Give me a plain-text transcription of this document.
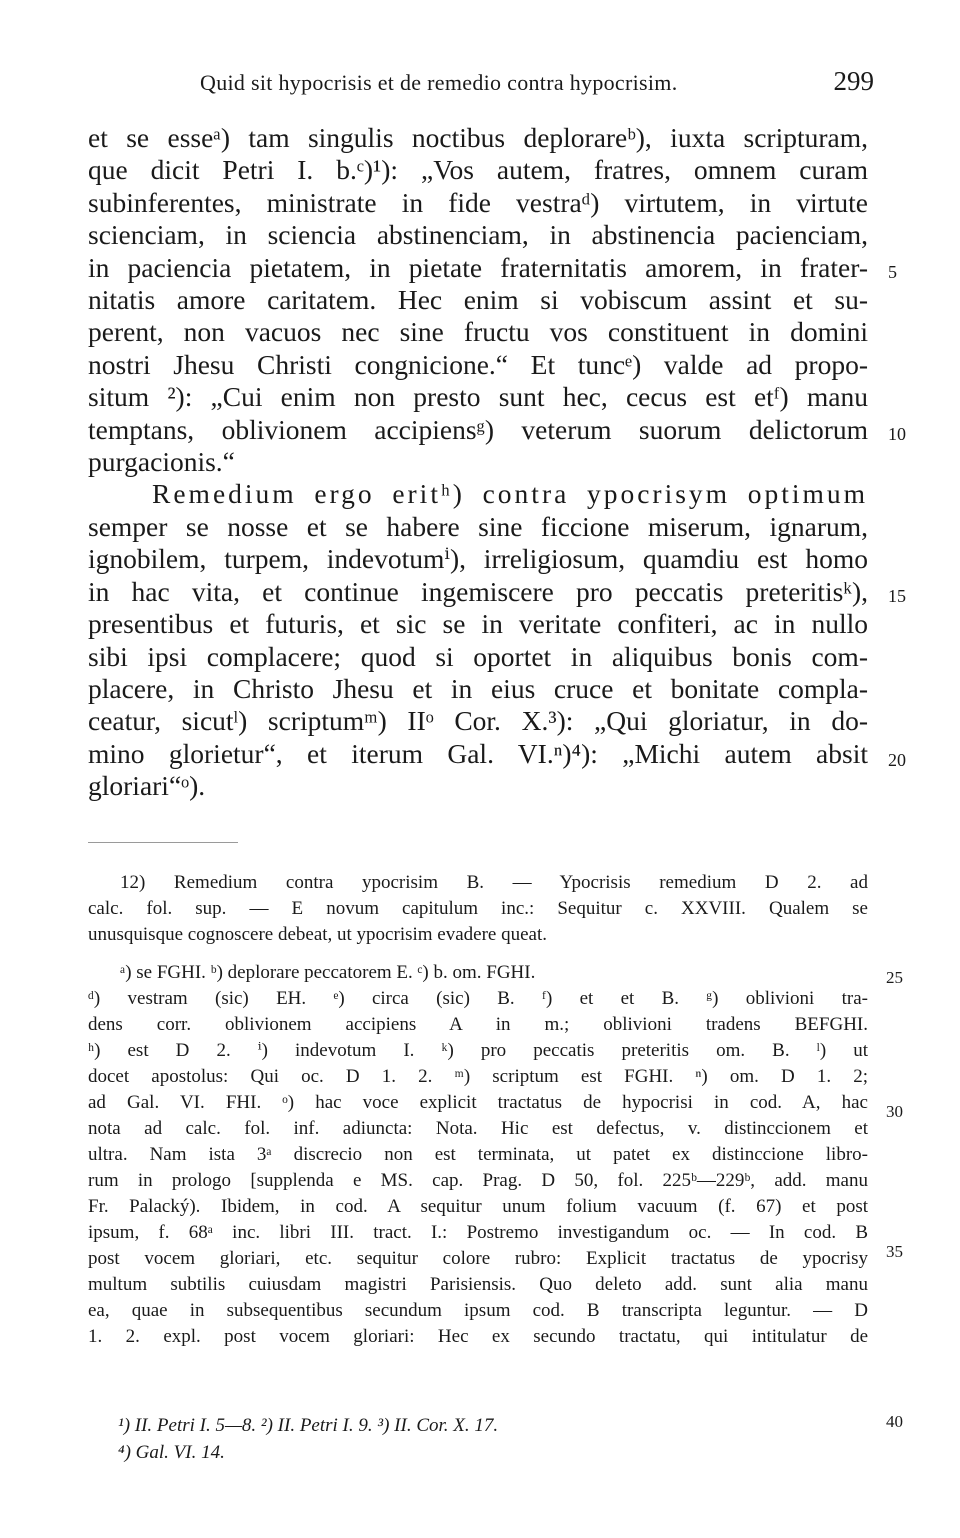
Quid sit hypocrisis et de remedio contra hypocrisim.	299
et se esseᵃ) tam singulis noctibus deplorareᵇ), iuxta scripturam,
que dicit Petri I. b.ᶜ)¹): „Vos autem, fratres, omnem curam
subinferentes, ministrate in fide vestraᵈ) virtutem, in virtute
scienciam, in sciencia abstinenciam, in abstinencia pacienciam,
in paciencia pietatem, in pietate fraternitatis amorem, in frater-
nitatis amore caritatem. Hec enim si vobiscum assint et su-
perent, non vacuos nec sine fructu vos constituent in domini
nostri Jhesu Christi congnicione.“ Et tuncᵉ) valde ad propo-
situm ²): „Cui enim non presto sunt hec, cecus est etᶠ) manu
temptans, oblivionem accipiensᵍ) veterum suorum delictorum
purgacionis.“
Remedium ergo eritʰ) contra ypocrisym optimum
semper se nosse et se habere sine ficcione miserum, ignarum,
ignobilem, turpem, indevotumⁱ), irreligiosum, quamdiu est homo
in hac vita, et continue ingemiscere pro peccatis preteritisᵏ),
presentibus et futuris, et sic se in veritate confiteri, ac in nullo
sibi ipsi complacere; quod si oportet in aliquibus bonis com-
placere, in Christo Jhesu et in eius cruce et bonitate compla-
ceatur, sicutˡ) scriptumᵐ) IIᵒ Cor. X.³): „Qui gloriatur, in do-
mino glorietur“, et iterum Gal. VI.ⁿ)⁴): „Michi autem absit
gloriari“ᵒ).
5
10
15
20
12) Remedium contra ypocrisim B. — Ypocrisis remedium D 2. ad
calc. fol. sup. — E novum capitulum inc.: Sequitur c. XXVIII. Qualem se
unusquisque cognoscere debeat, ut ypocrisim evadere queat.
ᵃ) se FGHI. ᵇ) deplorare peccatorem E. ᶜ) b. om. FGHI.
ᵈ) vestram (sic) EH. ᵉ) circa (sic) B. ᶠ) et et B. ᵍ) oblivioni tra-
dens corr. oblivionem accipiens A in m.; oblivioni tradens BEFGHI.
ʰ) est D 2. ⁱ) indevotum I. ᵏ) pro peccatis preteritis om. B. ˡ) ut
docet apostolus: Qui oc. D 1. 2. ᵐ) scriptum est FGHI. ⁿ) om. D 1. 2;
ad Gal. VI. FHI. ᵒ) hac voce explicit tractatus de hypocrisi in cod. A, hac
nota ad calc. fol. inf. adiuncta: Nota. Hic est defectus, v. distinccionem et
ultra. Nam ista 3ᵃ discrecio non est terminata, ut patet ex distinccione libro-
rum in prologo [supplenda e MS. cap. Prag. D 50, fol. 225ᵇ—229ᵇ, add. manu
Fr. Palacký). Ibidem, in cod. A sequitur unum folium vacuum (f. 67) et post
ipsum, f. 68ᵃ inc. libri III. tract. I.: Postremo investigandum oc. — In cod. B
post vocem gloriari, etc. sequitur colore rubro: Explicit tractatus de ypocrisy
multum subtilis cuiusdam magistri Parisiensis. Quo deleto add. sunt alia manu
ea, quae in subsequentibus secundum ipsum cod. B transcripta leguntur. — D
1. 2. expl. post vocem gloriari: Hec ex secundo tractatu, qui intitulatur de
25
30
35
40
¹) II. Petri I. 5—8. ²) II. Petri I. 9. ³) II. Cor. X. 17.
⁴) Gal. VI. 14.
